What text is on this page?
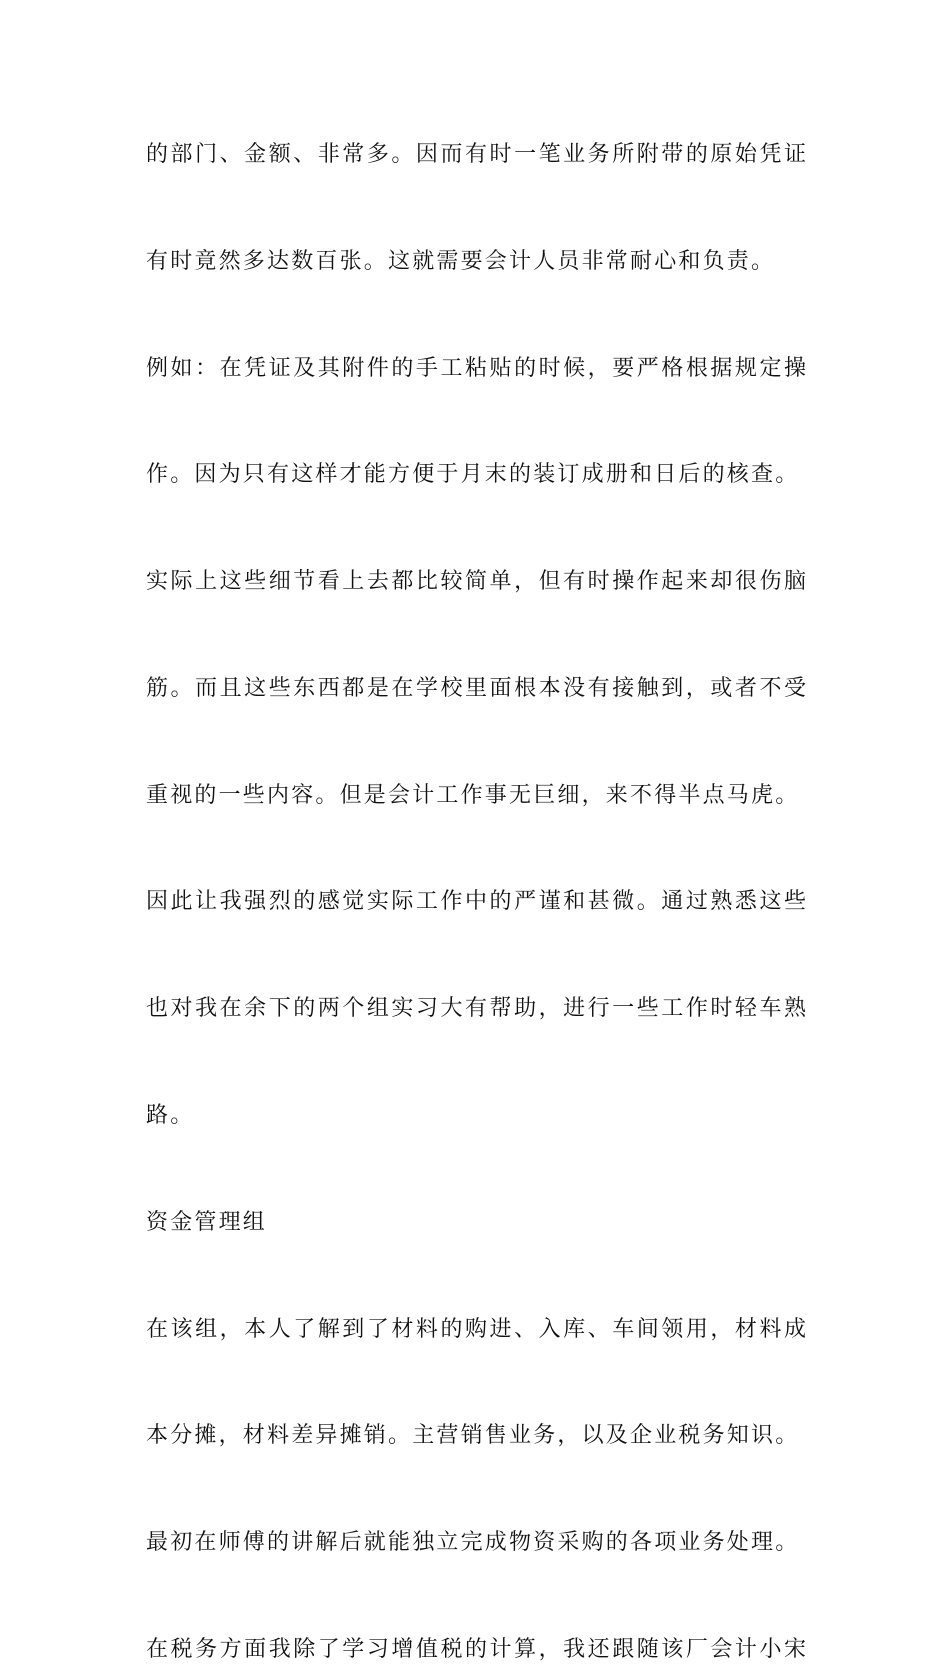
的部门、金额、非常多。因而有时一笔业务所附带的原始凭证
有时竟然多达数百张。这就需要会计人员非常耐心和负责。
例如：在凭证及其附件的手工粘贴的时候，要严格根据规定操
作。因为只有这样才能方便于月末的装订成册和日后的核查。
实际上这些细节看上去都比较简单，但有时操作起来却很伤脑
筋。而且这些东西都是在学校里面根本没有接触到，或者不受
重视的一些内容。但是会计工作事无巨细，来不得半点马虎。
因此让我强烈的感觉实际工作中的严谨和甚微。通过熟悉这些
也对我在余下的两个组实习大有帮助，进行一些工作时轻车熟
路。
资金管理组
在该组，本人了解到了材料的购进、入库、车间领用，材料成
本分摊，材料差异摊销。主营销售业务，以及企业税务知识。
最初在师傅的讲解后就能独立完成物资采购的各项业务处理。
在税务方面我除了学习增值税的计算，我还跟随该厂会计小宋
